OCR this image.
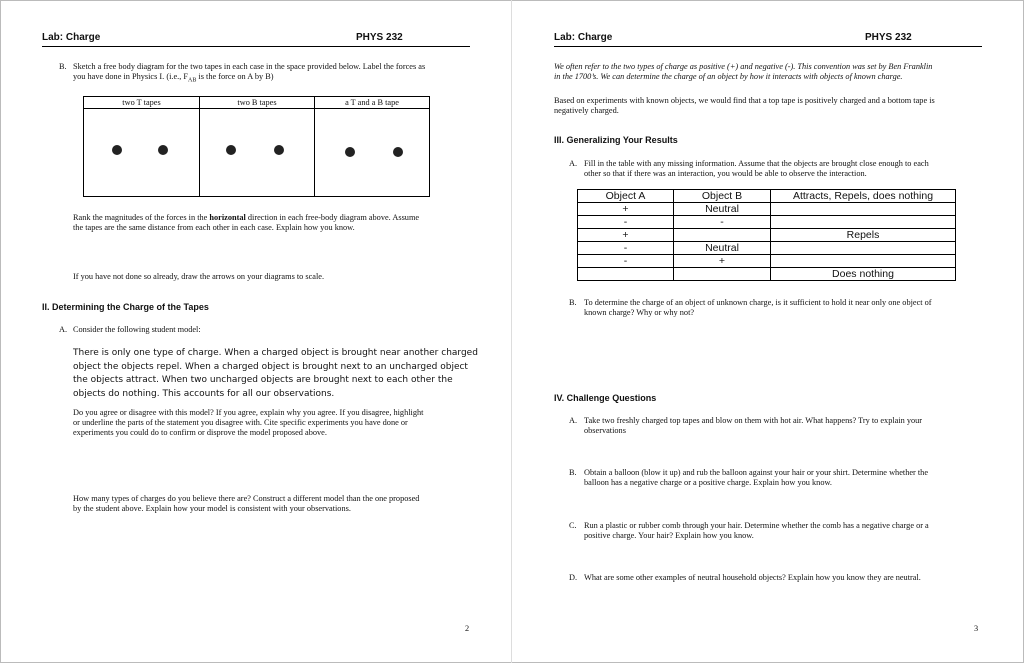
Lab: Charge	PHYS 232
B. Sketch a free body diagram for the two tapes in each case in the space provided below. Label the forces as
you have done in Physics I. (i.e., $F_{AB}$ is the force on A by B)
two T tapes	two B tapes	a T and a B tape
Rank the magnitudes of the forces in the horizontal direction in each free-body diagram above. Assume
the tapes are the same distance from each other in each case. Explain how you know.
If you have not done so already, draw the arrows on your diagrams to scale.
II. Determining the Charge of the Tapes
A. Consider the following student model:
There is only one type of charge. When a charged object is brought near another charged
object the objects repel. When a charged object is brought next to an uncharged object
the objects attract. When two uncharged objects are brought next to each other the
objects do nothing. This accounts for all our observations.
Do you agree or disagree with this model? If you agree, explain why you agree. If you disagree, highlight
or underline the parts of the statement you disagree with. Cite specific experiments you have done or
experiments you could do to confirm or disprove the model proposed above.
How many types of charges do you believe there are? Construct a different model than the one proposed
by the student above. Explain how your model is consistent with your observations.
2
Lab: Charge	PHYS 232
We often refer to the two types of charge as positive (+) and negative (-). This convention was set by Ben Franklin
in the 1700’s. We can determine the charge of an object by how it interacts with objects of known charge.
Based on experiments with known objects, we would find that a top tape is positively charged and a bottom tape is
negatively charged.
III. Generalizing Your Results
A. Fill in the table with any missing information. Assume that the objects are brought close enough to each
other so that if there was an interaction, you would be able to observe the interaction.
Object A	Object B	Attracts, Repels, does nothing
+	Neutral	
-	-	
+		Repels
-	Neutral	
-	+	
		Does nothing
B. To determine the charge of an object of unknown charge, is it sufficient to hold it near only one object of
known charge? Why or why not?
IV. Challenge Questions
A. Take two freshly charged top tapes and blow on them with hot air. What happens? Try to explain your
observations
B. Obtain a balloon (blow it up) and rub the balloon against your hair or your shirt. Determine whether the
balloon has a negative charge or a positive charge. Explain how you know.
C. Run a plastic or rubber comb through your hair. Determine whether the comb has a negative charge or a
positive charge. Your hair? Explain how you know.
D. What are some other examples of neutral household objects? Explain how you know they are neutral.
3
